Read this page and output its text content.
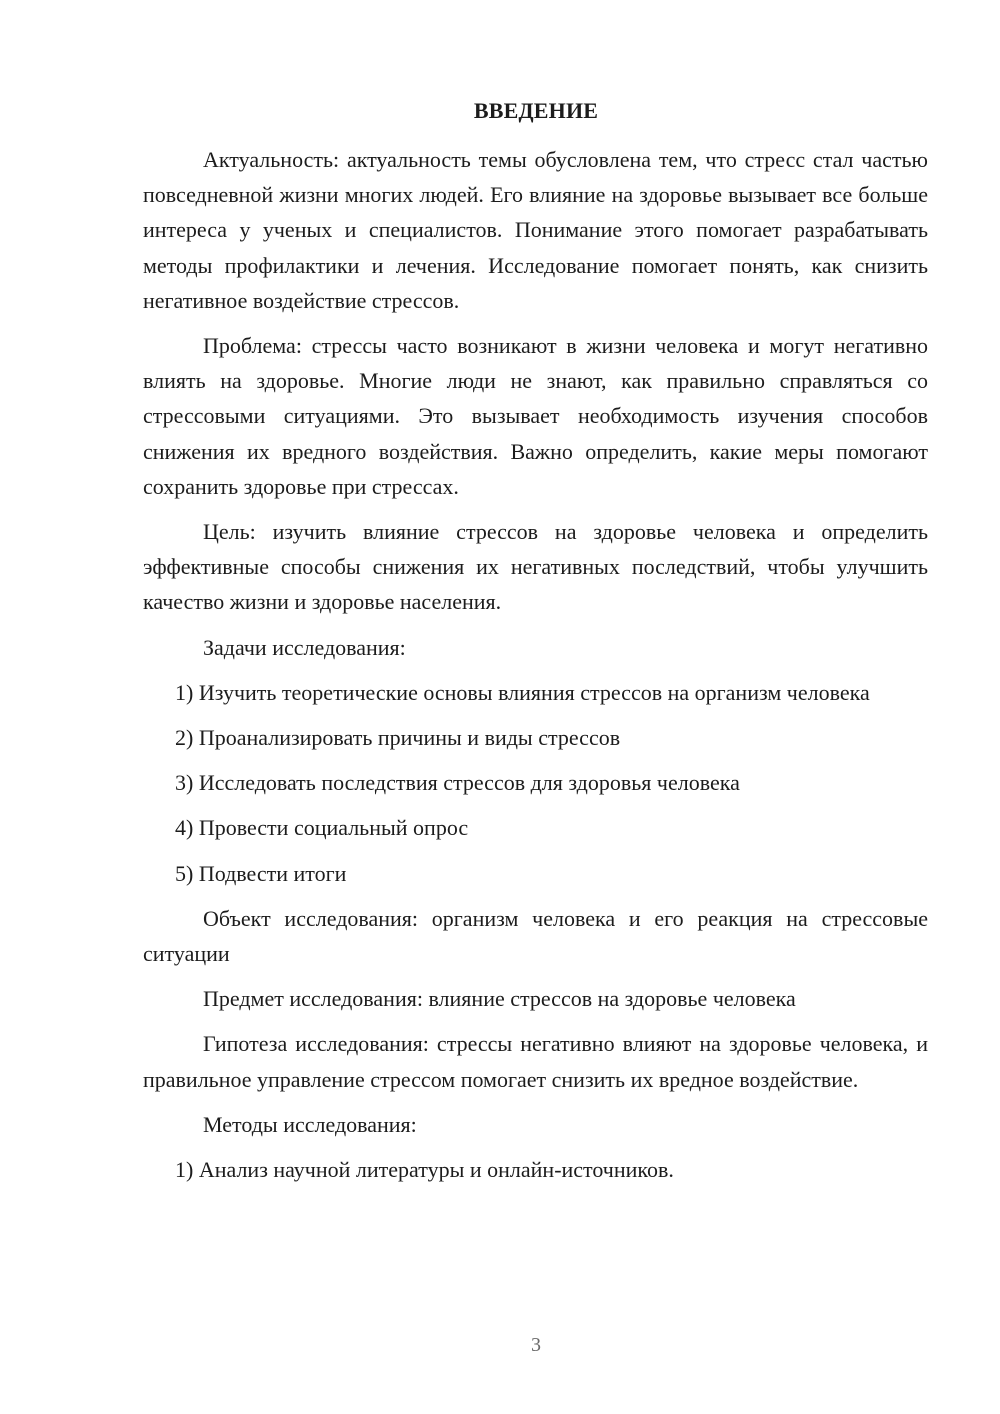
ВВЕДЕНИЕ

Актуальность: актуальность темы обусловлена тем, что стресс стал частью повседневной жизни многих людей. Его влияние на здоровье вызывает все больше интереса у ученых и специалистов. Понимание этого помогает разрабатывать методы профилактики и лечения. Исследование помогает понять, как снизить негативное воздействие стрессов.

Проблема: стрессы часто возникают в жизни человека и могут негативно влиять на здоровье. Многие люди не знают, как правильно справляться со стрессовыми ситуациями. Это вызывает необходимость изучения способов снижения их вредного воздействия. Важно определить, какие меры помогают сохранить здоровье при стрессах.

Цель: изучить влияние стрессов на здоровье человека и определить эффективные способы снижения их негативных последствий, чтобы улучшить качество жизни и здоровье населения.

Задачи исследования:

1) Изучить теоретические основы влияния стрессов на организм человека

2) Проанализировать причины и виды стрессов

3) Исследовать последствия стрессов для здоровья человека

4) Провести социальный опрос

5) Подвести итоги

Объект исследования: организм человека и его реакция на стрессовые ситуации

Предмет исследования: влияние стрессов на здоровье человека

Гипотеза исследования: стрессы негативно влияют на здоровье человека, и правильное управление стрессом помогает снизить их вредное воздействие.

Методы исследования:

1) Анализ научной литературы и онлайн-источников.

3
